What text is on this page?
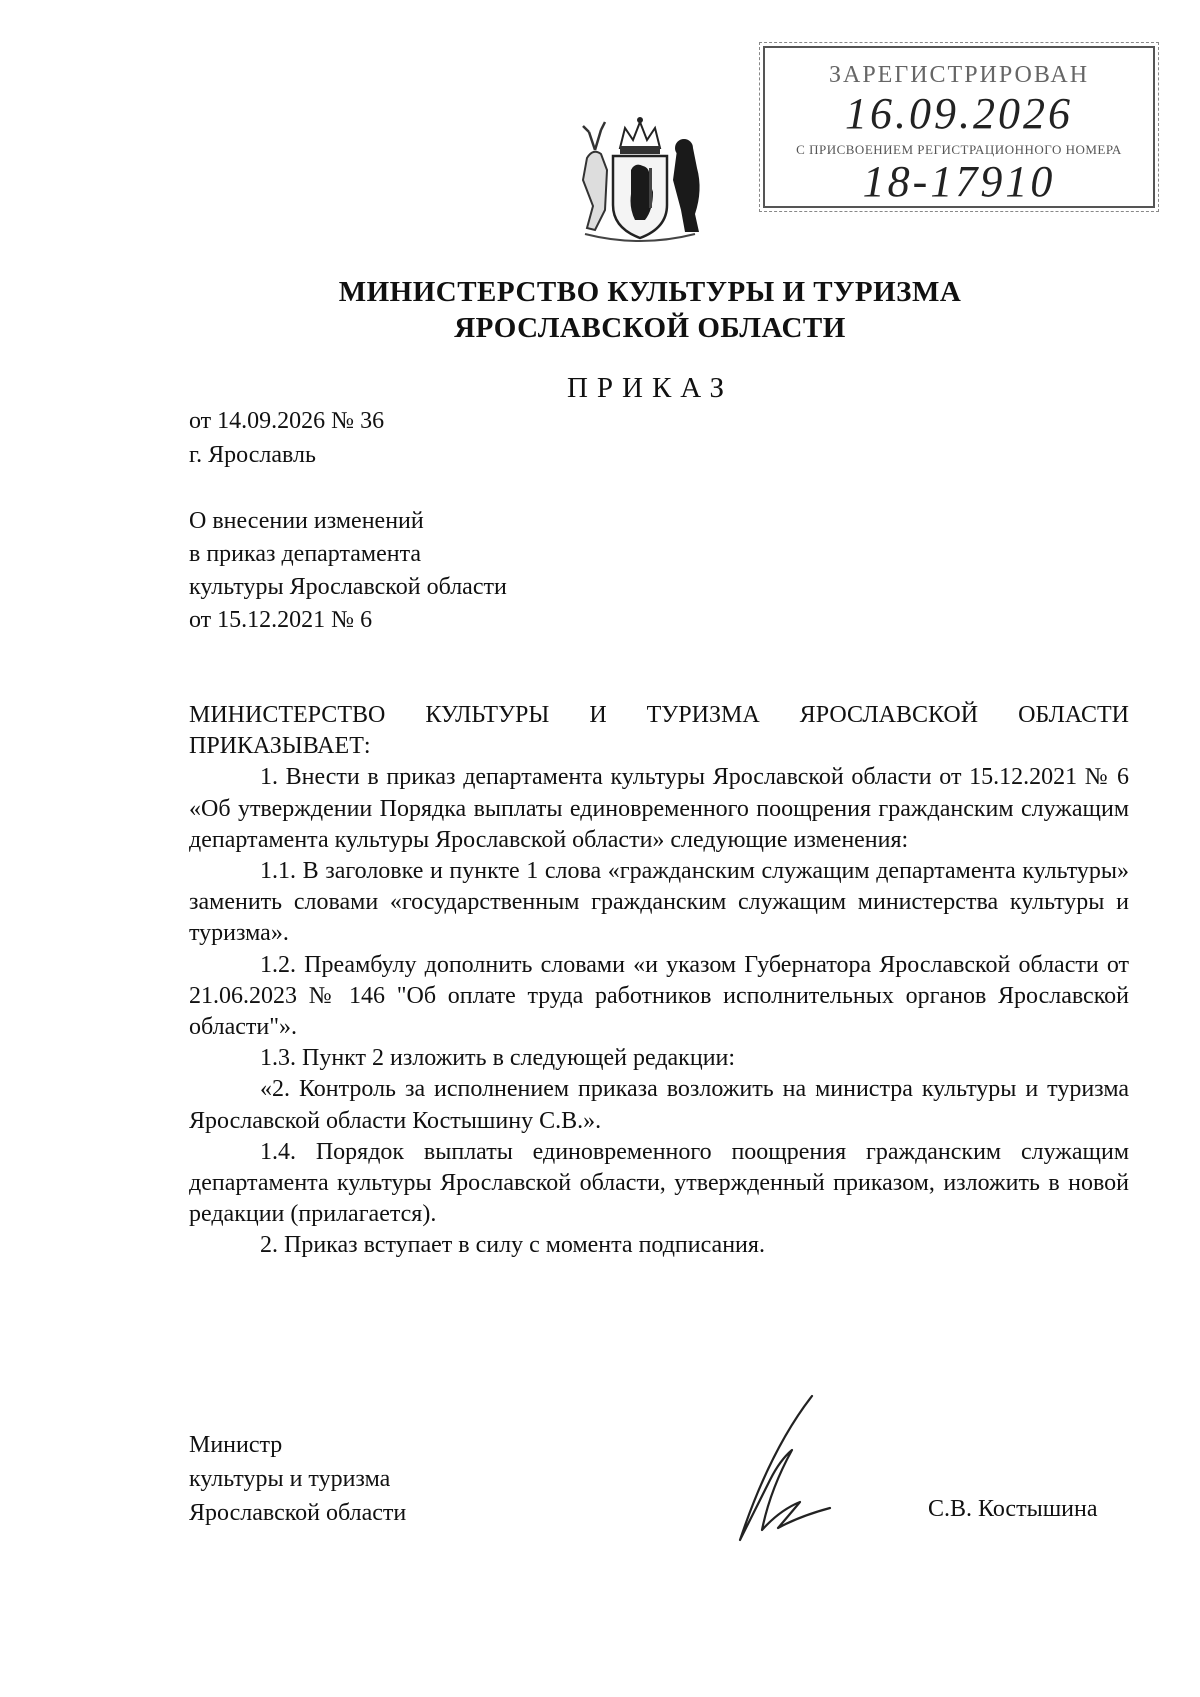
ЗАРЕГИСТРИРОВАН
16.09.2026
С ПРИСВОЕНИЕМ РЕГИСТРАЦИОННОГО НОМЕРА
18-17910
МИНИСТЕРСТВО КУЛЬТУРЫ И ТУРИЗМА
ЯРОСЛАВСКОЙ ОБЛАСТИ
ПРИКАЗ
от 14.09.2026 № 36
г. Ярославль
О внесении изменений
в приказ департамента
культуры Ярославской области
от 15.12.2021 № 6

МИНИСТЕРСТВО КУЛЬТУРЫ И ТУРИЗМА ЯРОСЛАВСКОЙ ОБЛАСТИ ПРИКАЗЫВАЕТ:

1. Внести в приказ департамента культуры Ярославской области от 15.12.2021 № 6 «Об утверждении Порядка выплаты единовременного поощрения гражданским служащим департамента культуры Ярославской области» следующие изменения:

1.1. В заголовке и пункте 1 слова «гражданским служащим департамента культуры» заменить словами «государственным гражданским служащим министерства культуры и туризма».

1.2. Преамбулу дополнить словами «и указом Губернатора Ярославской области от 21.06.2023 № 146 "Об оплате труда работников исполнительных органов Ярославской области"».

1.3. Пункт 2 изложить в следующей редакции:

«2. Контроль за исполнением приказа возложить на министра культуры и туризма Ярославской области Костышину С.В.».

1.4. Порядок выплаты единовременного поощрения гражданским служащим департамента культуры Ярославской области, утвержденный приказом, изложить в новой редакции (прилагается).

2. Приказ вступает в силу с момента подписания.

Министр
культуры и туризма
Ярославской области	С.В. Костышина
